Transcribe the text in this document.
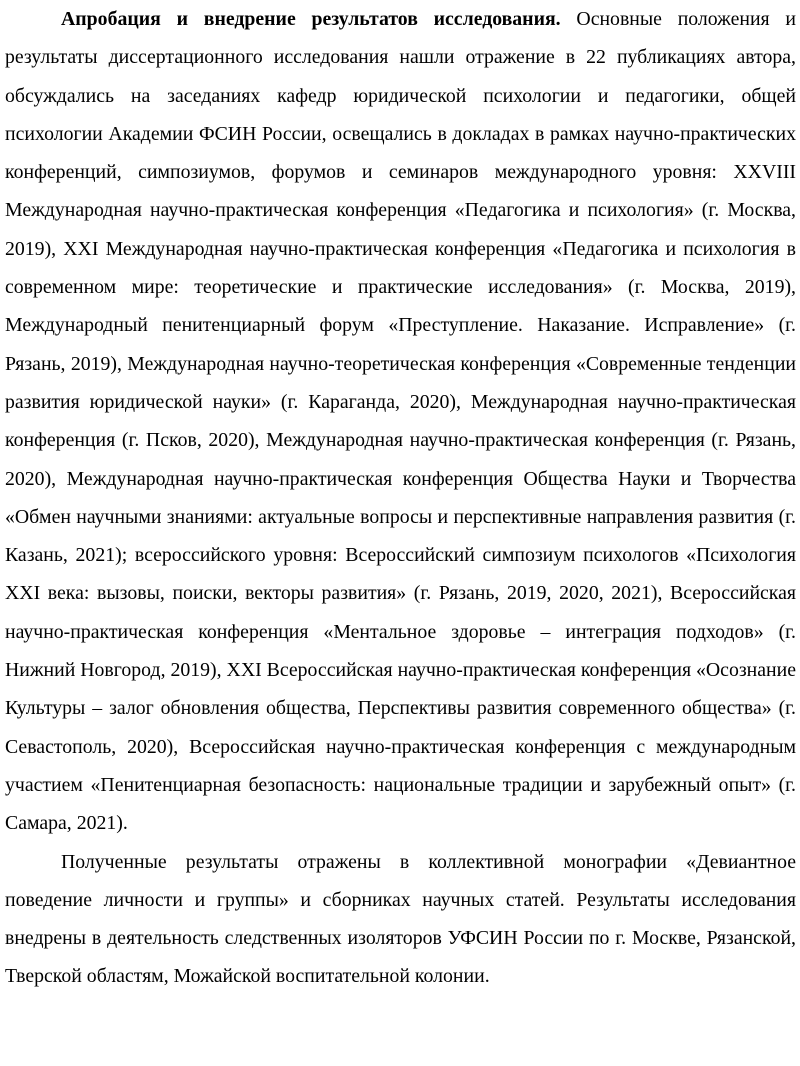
Апробация и внедрение результатов исследования. Основные положения и результаты диссертационного исследования нашли отражение в 22 публикациях автора, обсуждались на заседаниях кафедр юридической психологии и педагогики, общей психологии Академии ФСИН России, освещались в докладах в рамках научно-практических конференций, симпозиумов, форумов и семинаров международного уровня: XXVIII Международная научно-практическая конференция «Педагогика и психология» (г. Москва, 2019), XXI Международная научно-практическая конференция «Педагогика и психология в современном мире: теоретические и практические исследования» (г. Москва, 2019), Международный пенитенциарный форум «Преступление. Наказание. Исправление» (г. Рязань, 2019), Международная научно-теоретическая конференция «Современные тенденции развития юридической науки» (г. Караганда, 2020), Международная научно-практическая конференция (г. Псков, 2020), Международная научно-практическая конференция (г. Рязань, 2020), Международная научно-практическая конференция Общества Науки и Творчества «Обмен научными знаниями: актуальные вопросы и перспективные направления развития (г. Казань, 2021); всероссийского уровня: Всероссийский симпозиум психологов «Психология XXI века: вызовы, поиски, векторы развития» (г. Рязань, 2019, 2020, 2021), Всероссийская научно-практическая конференция «Ментальное здоровье – интеграция подходов» (г. Нижний Новгород, 2019), XXI Всероссийская научно-практическая конференция «Осознание Культуры – залог обновления общества, Перспективы развития современного общества» (г. Севастополь, 2020), Всероссийская научно-практическая конференция с международным участием «Пенитенциарная безопасность: национальные традиции и зарубежный опыт» (г. Самара, 2021).

Полученные результаты отражены в коллективной монографии «Девиантное поведение личности и группы» и сборниках научных статей. Результаты исследования внедрены в деятельность следственных изоляторов УФСИН России по г. Москве, Рязанской, Тверской областям, Можайской воспитательной колонии.
